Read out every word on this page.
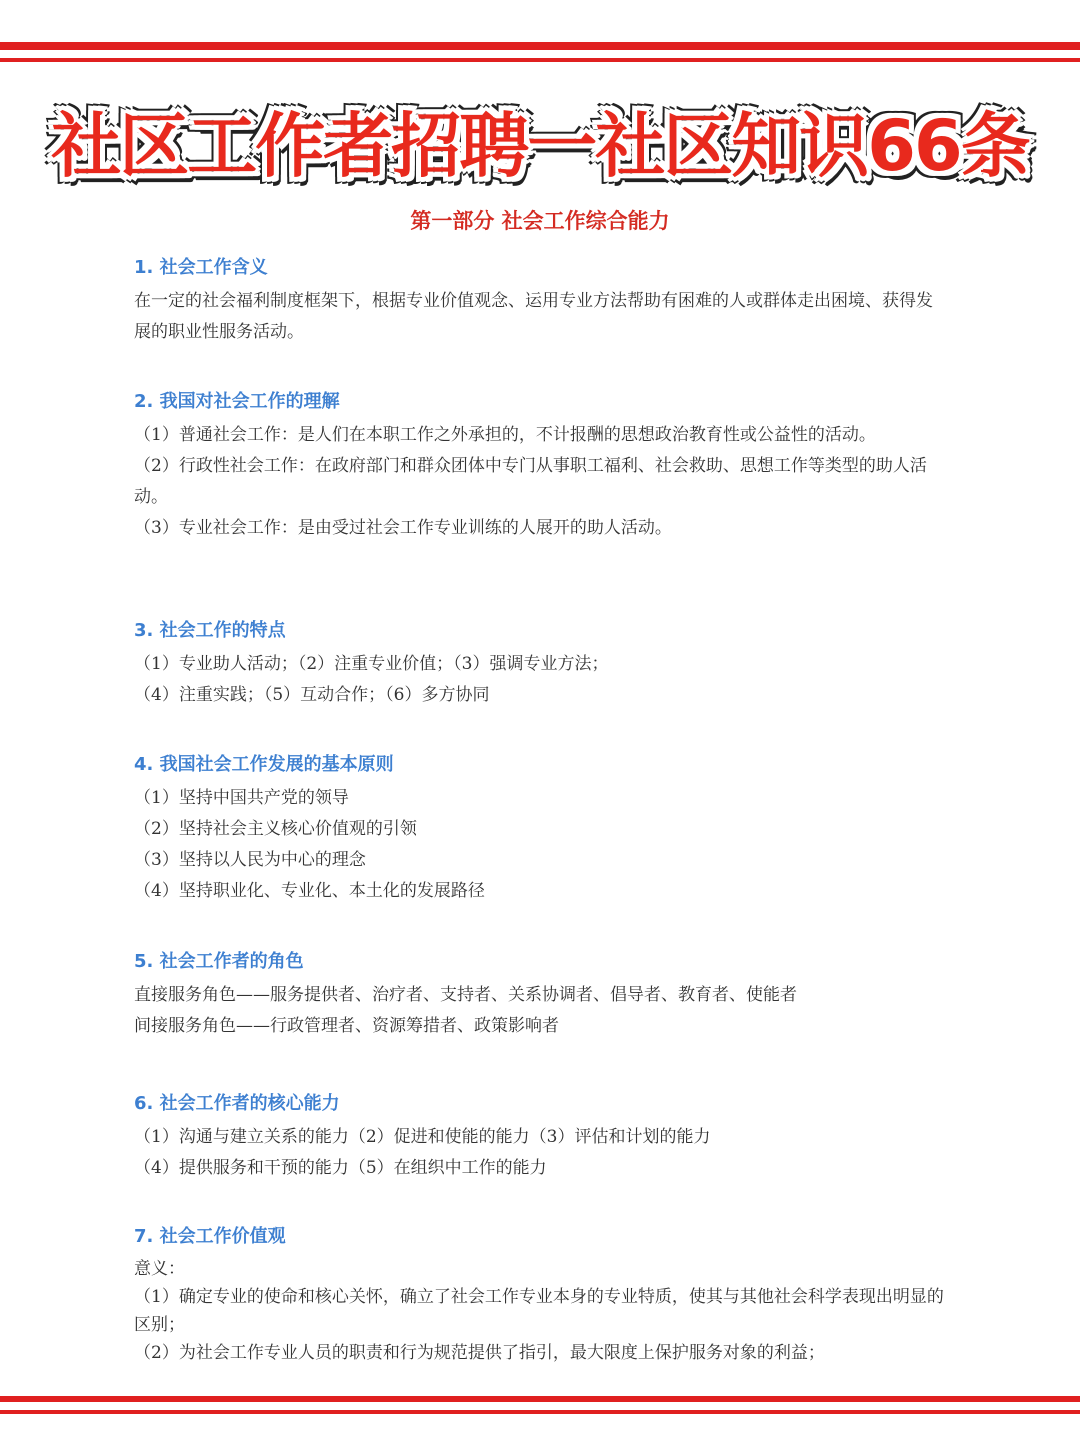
社区工作者招聘一社区知识66条
第一部分 社会工作综合能力
1. 社会工作含义
在一定的社会福利制度框架下，根据专业价值观念、运用专业方法帮助有困难的人或群体走出困境、获得发展的职业性服务活动。
2. 我国对社会工作的理解
（1）普通社会工作：是人们在本职工作之外承担的，不计报酬的思想政治教育性或公益性的活动。
（2）行政性社会工作：在政府部门和群众团体中专门从事职工福利、社会救助、思想工作等类型的助人活动。
（3）专业社会工作：是由受过社会工作专业训练的人展开的助人活动。
3. 社会工作的特点
（1）专业助人活动；（2）注重专业价值；（3）强调专业方法；
（4）注重实践；（5）互动合作；（6）多方协同
4. 我国社会工作发展的基本原则
（1）坚持中国共产党的领导
（2）坚持社会主义核心价值观的引领
（3）坚持以人民为中心的理念
（4）坚持职业化、专业化、本土化的发展路径
5. 社会工作者的角色
直接服务角色——服务提供者、治疗者、支持者、关系协调者、倡导者、教育者、使能者
间接服务角色——行政管理者、资源筹措者、政策影响者
6. 社会工作者的核心能力
（1）沟通与建立关系的能力（2）促进和使能的能力（3）评估和计划的能力
（4）提供服务和干预的能力（5）在组织中工作的能力
7. 社会工作价值观
意义：
（1）确定专业的使命和核心关怀，确立了社会工作专业本身的专业特质，使其与其他社会科学表现出明显的区别；
（2）为社会工作专业人员的职责和行为规范提供了指引，最大限度上保护服务对象的利益；
